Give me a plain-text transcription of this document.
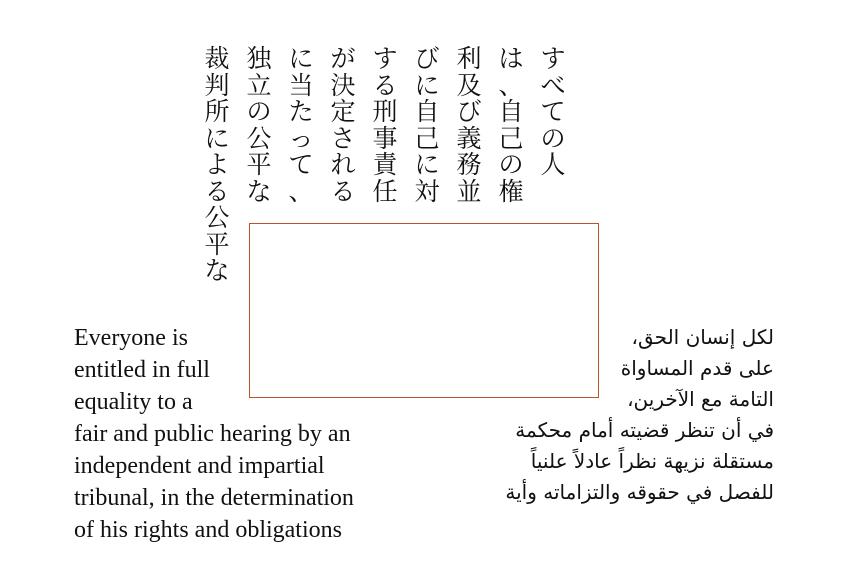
す
べ
て
の
人
は
、
自
己
の
権
利
及
び
義
務
並
び
に
自
己
に
対
す
る
刑
事
責
任
が
決
定
さ
れ
る
に
当
た
っ
て
、
独
立
の
公
平
な
裁
判
所
に
よ
る
公
平
な
Everyone is
entitled in full
equality to a
fair and public hearing by an
independent and impartial
tribunal, in the determination
of his rights and obligations
لكل إنسان الحق،
على قدم المساواة
التامة مع الآخرين،
في أن تنظر قضيته أمام محكمة
مستقلة نزيهة نظراً عادلاً علنياً
للفصل في حقوقه والتزاماته وأية
